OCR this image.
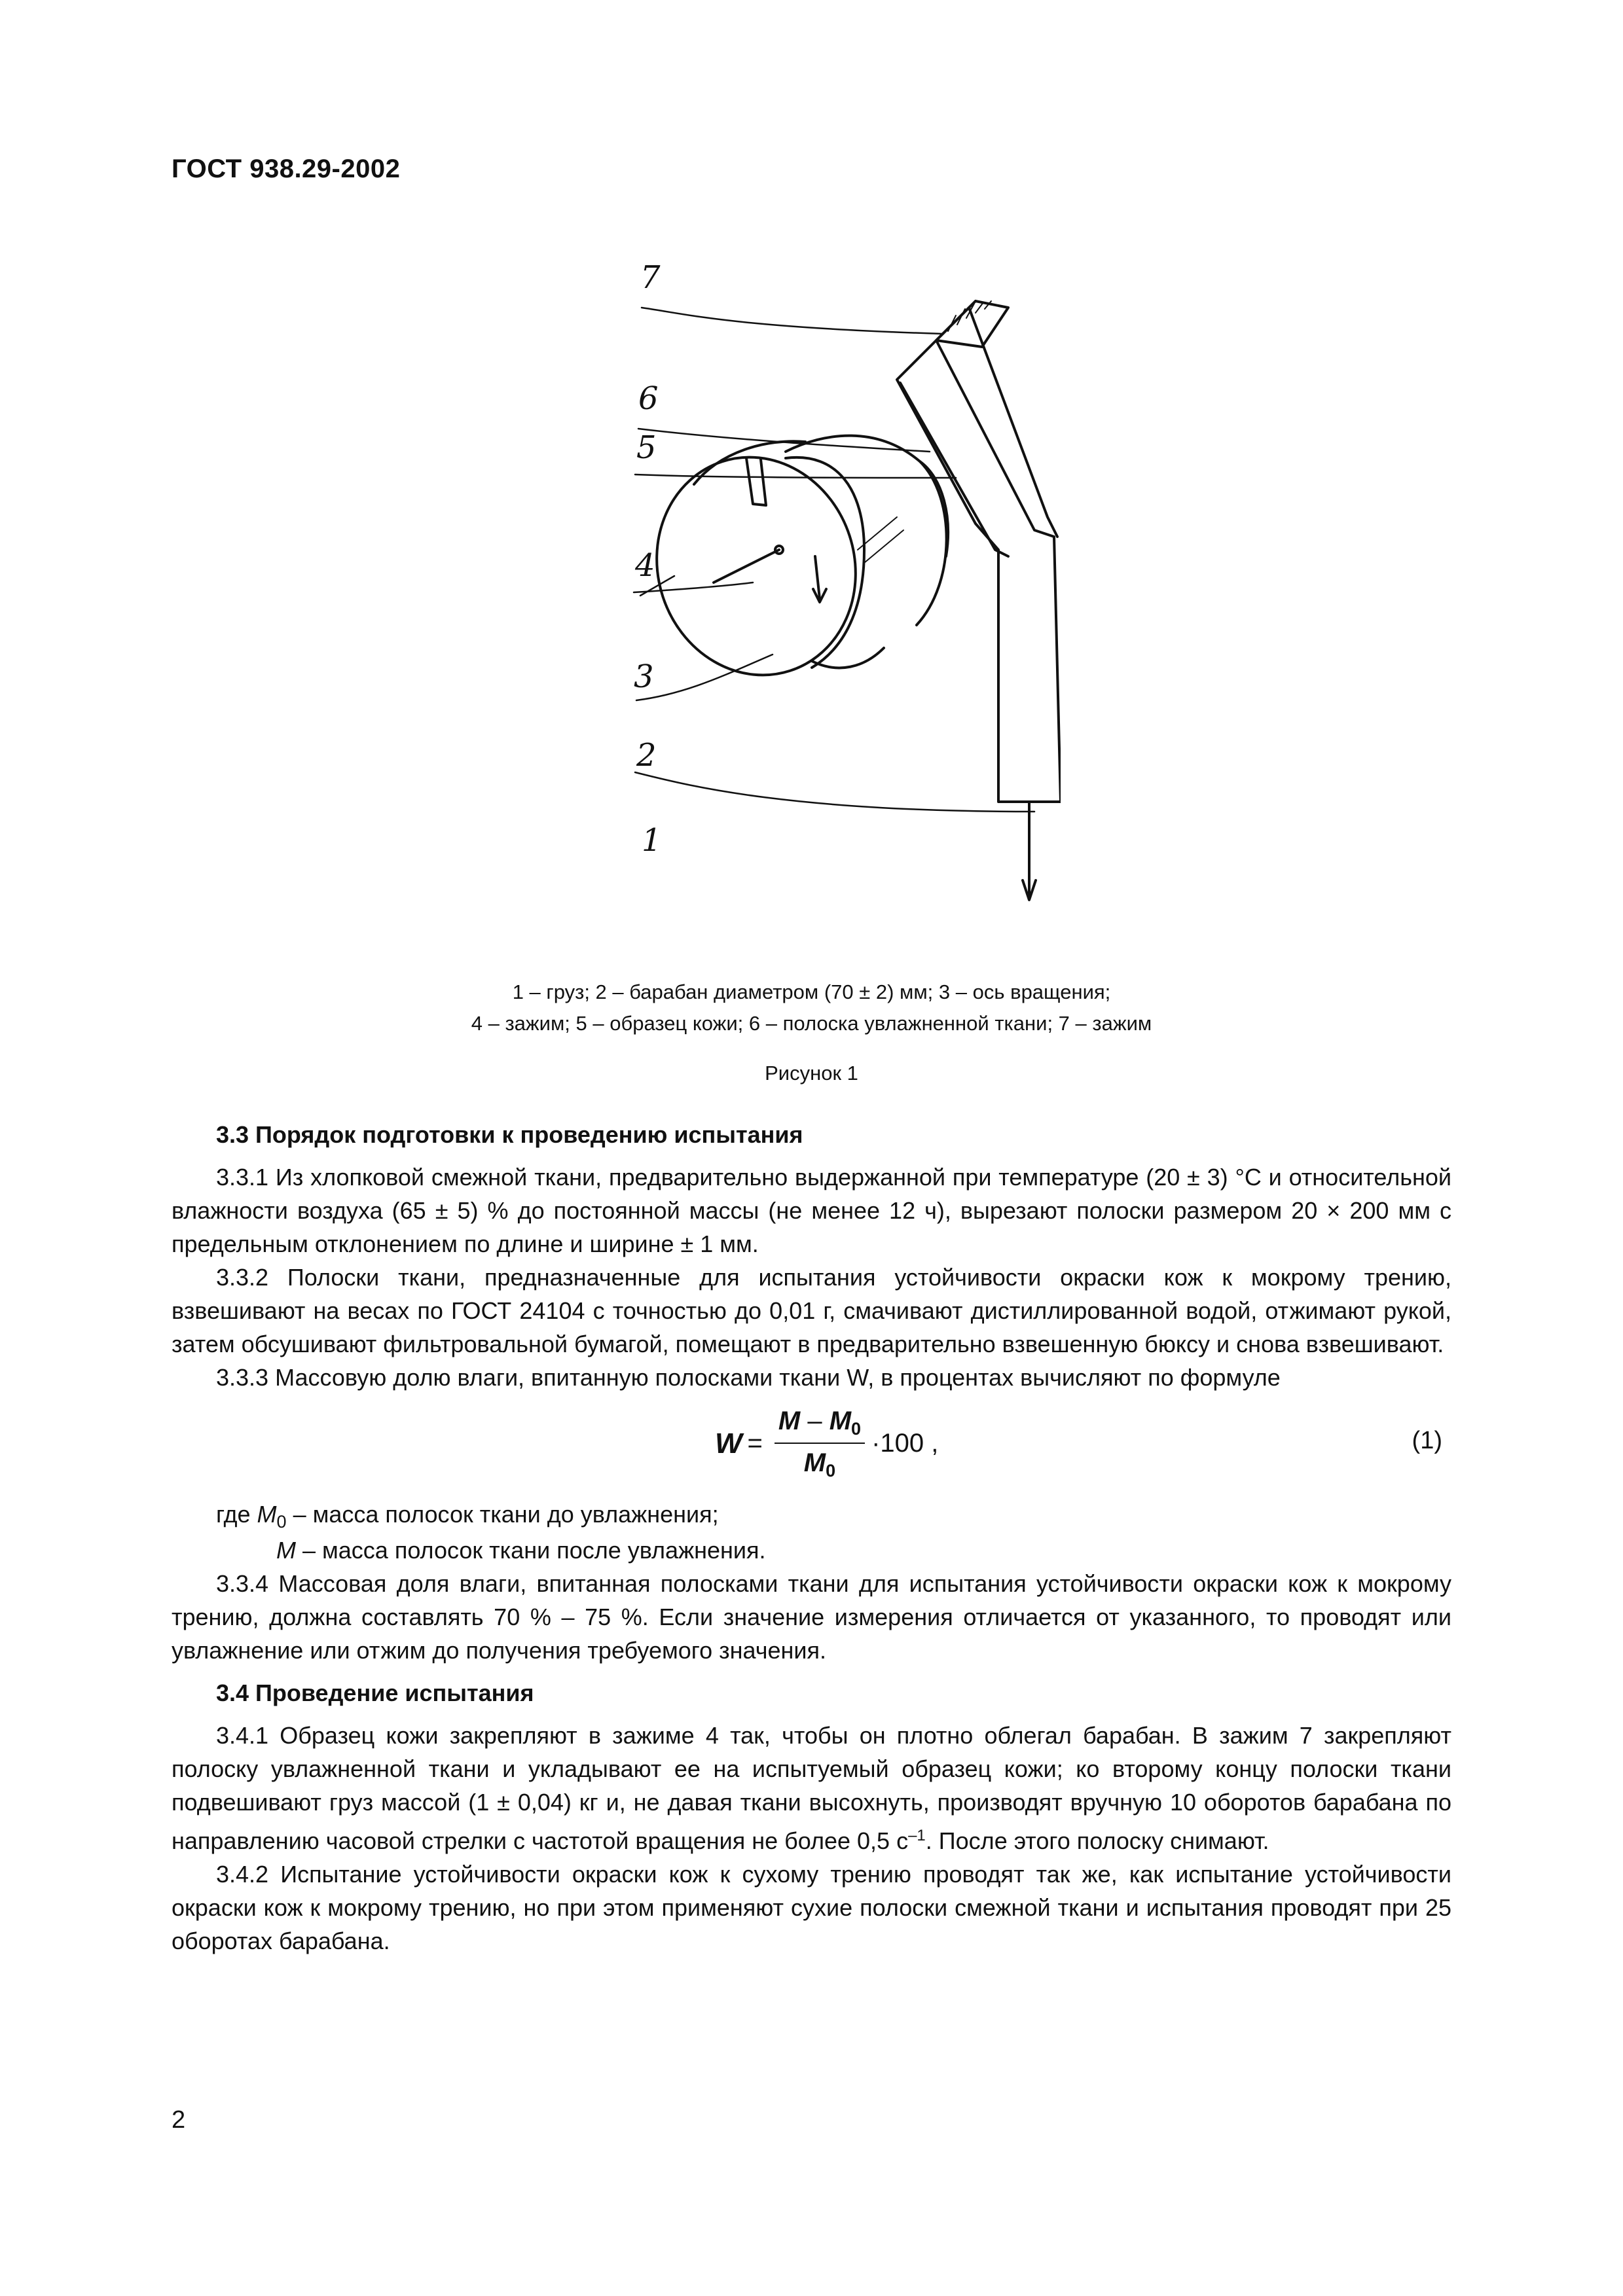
ГОСТ 938.29-2002
7
6
5
4
3
2
1
1 – груз; 2 – барабан диаметром (70 ± 2) мм; 3 – ось вращения;
4 – зажим; 5 – образец кожи; 6 – полоска увлажненной ткани; 7 – зажим
Рисунок 1
3.3 Порядок подготовки к проведению испытания

3.3.1 Из хлопковой смежной ткани, предварительно выдержанной при температуре (20 ± 3) °С и относительной влажности воздуха (65 ± 5) % до постоянной массы (не менее 12 ч), вырезают полоски размером 20 × 200 мм с предельным отклонением по длине и ширине ± 1 мм.

3.3.2 Полоски ткани, предназначенные для испытания устойчивости окраски кож к мокрому трению, взвешивают на весах по ГОСТ 24104 с точностью до 0,01 г, смачивают дистиллированной водой, отжимают рукой, затем обсушивают фильтровальной бумагой, помещают в предварительно взвешенную бюксу и снова взвешивают.

3.3.3 Массовую долю влаги, впитанную полосками ткани W, в процентах вычисляют по формуле

$W = \frac{M - M_0}{M_0} \cdot 100$ ,	(1)

где $M_0$ – масса полосок ткани до увлажнения;

M – масса полосок ткани после увлажнения.

3.3.4 Массовая доля влаги, впитанная полосками ткани для испытания устойчивости окраски кож к мокрому трению, должна составлять 70 % – 75 %. Если значение измерения отличается от указанного, то проводят или увлажнение или отжим до получения требуемого значения.

3.4 Проведение испытания

3.4.1 Образец кожи закрепляют в зажиме 4 так, чтобы он плотно облегал барабан. В зажим 7 закрепляют полоску увлажненной ткани и укладывают ее на испытуемый образец кожи; ко второму концу полоски ткани подвешивают груз массой (1 ± 0,04) кг и, не давая ткани высохнуть, производят вручную 10 оборотов барабана по направлению часовой стрелки с частотой вращения не более 0,5 $с^{-1}$. После этого полоску снимают.

3.4.2 Испытание устойчивости окраски кож к сухому трению проводят так же, как испытание устойчивости окраски кож к мокрому трению, но при этом применяют сухие полоски смежной ткани и испытания проводят при 25 оборотах барабана.

2
